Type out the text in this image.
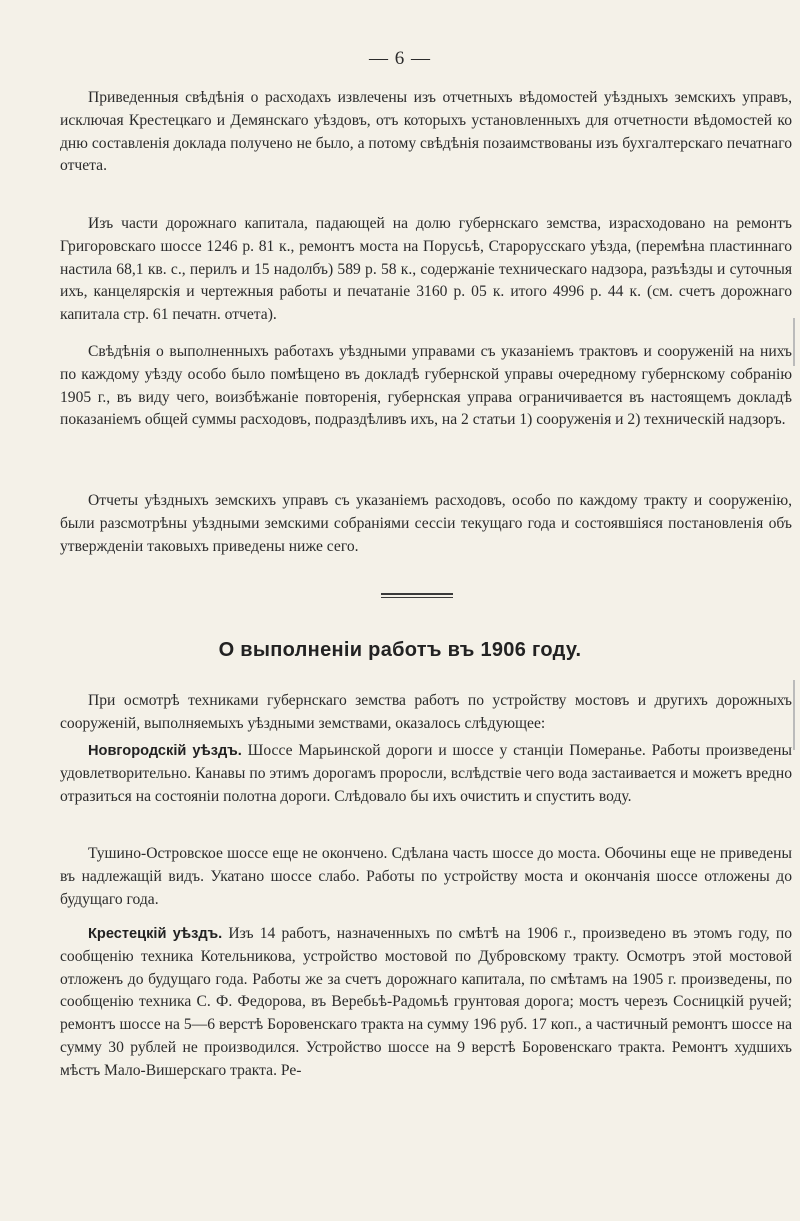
— 6 —

Приведенныя свѣдѣнія о расходахъ извлечены изъ отчетныхъ вѣдомостей уѣздныхъ земскихъ управъ, исключая Крестецкаго и Демянскаго уѣздовъ, отъ которыхъ установленныхъ для отчетности вѣдомостей ко дню составленія доклада получено не было, а потому свѣдѣнія позаимствованы изъ бухгалтерскаго печатнаго отчета.

Изъ части дорожнаго капитала, падающей на долю губернскаго земства, израсходовано на ремонтъ Григоровскаго шоссе 1246 р. 81 к., ремонтъ моста на Порусьѣ, Старорусскаго уѣзда, (перемѣна пластиннаго настила 68,1 кв. с., перилъ и 15 надолбъ) 589 р. 58 к., содержаніе техническаго надзора, разъѣзды и суточныя ихъ, канцелярскія и чертежныя работы и печатаніе 3160 р. 05 к. итого 4996 р. 44 к. (см. счетъ дорожнаго капитала стр. 61 печатн. отчета).

Свѣдѣнія о выполненныхъ работахъ уѣздными управами съ указаніемъ трактовъ и сооруженій на нихъ по каждому уѣзду особо было помѣщено въ докладѣ губернской управы очередному губернскому собранію 1905 г., въ виду чего, воизбѣжаніе повторенія, губернская управа ограничивается въ настоящемъ докладѣ показаніемъ общей суммы расходовъ, подраздѣливъ ихъ, на 2 статьи 1) сооруженія и 2) техническій надзоръ.

Отчеты уѣздныхъ земскихъ управъ съ указаніемъ расходовъ, особо по каждому тракту и сооруженію, были разсмотрѣны уѣздными земскими собраніями сессіи текущаго года и состоявшіяся постановленія объ утвержденіи таковыхъ приведены ниже сего.

О выполненіи работъ въ 1906 году.

При осмотрѣ техниками губернскаго земства работъ по устройству мостовъ и другихъ дорожныхъ сооруженій, выполняемыхъ уѣздными земствами, оказалось слѣдующее:

Новгородскій уѣздъ. Шоссе Марьинской дороги и шоссе у станціи Померанье. Работы произведены удовлетворительно. Канавы по этимъ дорогамъ проросли, вслѣдствіе чего вода застаивается и можетъ вредно отразиться на состояніи полотна дороги. Слѣдовало бы ихъ очистить и спустить воду.

Тушино-Островское шоссе еще не окончено. Сдѣлана часть шоссе до моста. Обочины еще не приведены въ надлежащій видъ. Укатано шоссе слабо. Работы по устройству моста и окончанія шоссе отложены до будущаго года.

Крестецкій уѣздъ. Изъ 14 работъ, назначенныхъ по смѣтѣ на 1906 г., произведено въ этомъ году, по сообщенію техника Котельникова, устройство мостовой по Дубровскому тракту. Осмотръ этой мостовой отложенъ до будущаго года. Работы же за счетъ дорожнаго капитала, по смѣтамъ на 1905 г. произведены, по сообщенію техника С. Ф. Федорова, въ Веребьѣ-Радомьѣ грунтовая дорога; мостъ черезъ Сосницкій ручей; ремонтъ шоссе на 5—6 верстѣ Боровенскаго тракта на сумму 196 руб. 17 коп., а частичный ремонтъ шоссе на сумму 30 рублей не производился. Устройство шоссе на 9 верстѣ Боровенскаго тракта. Ремонтъ худшихъ мѣстъ Мало-Вишерскаго тракта. Ре-
